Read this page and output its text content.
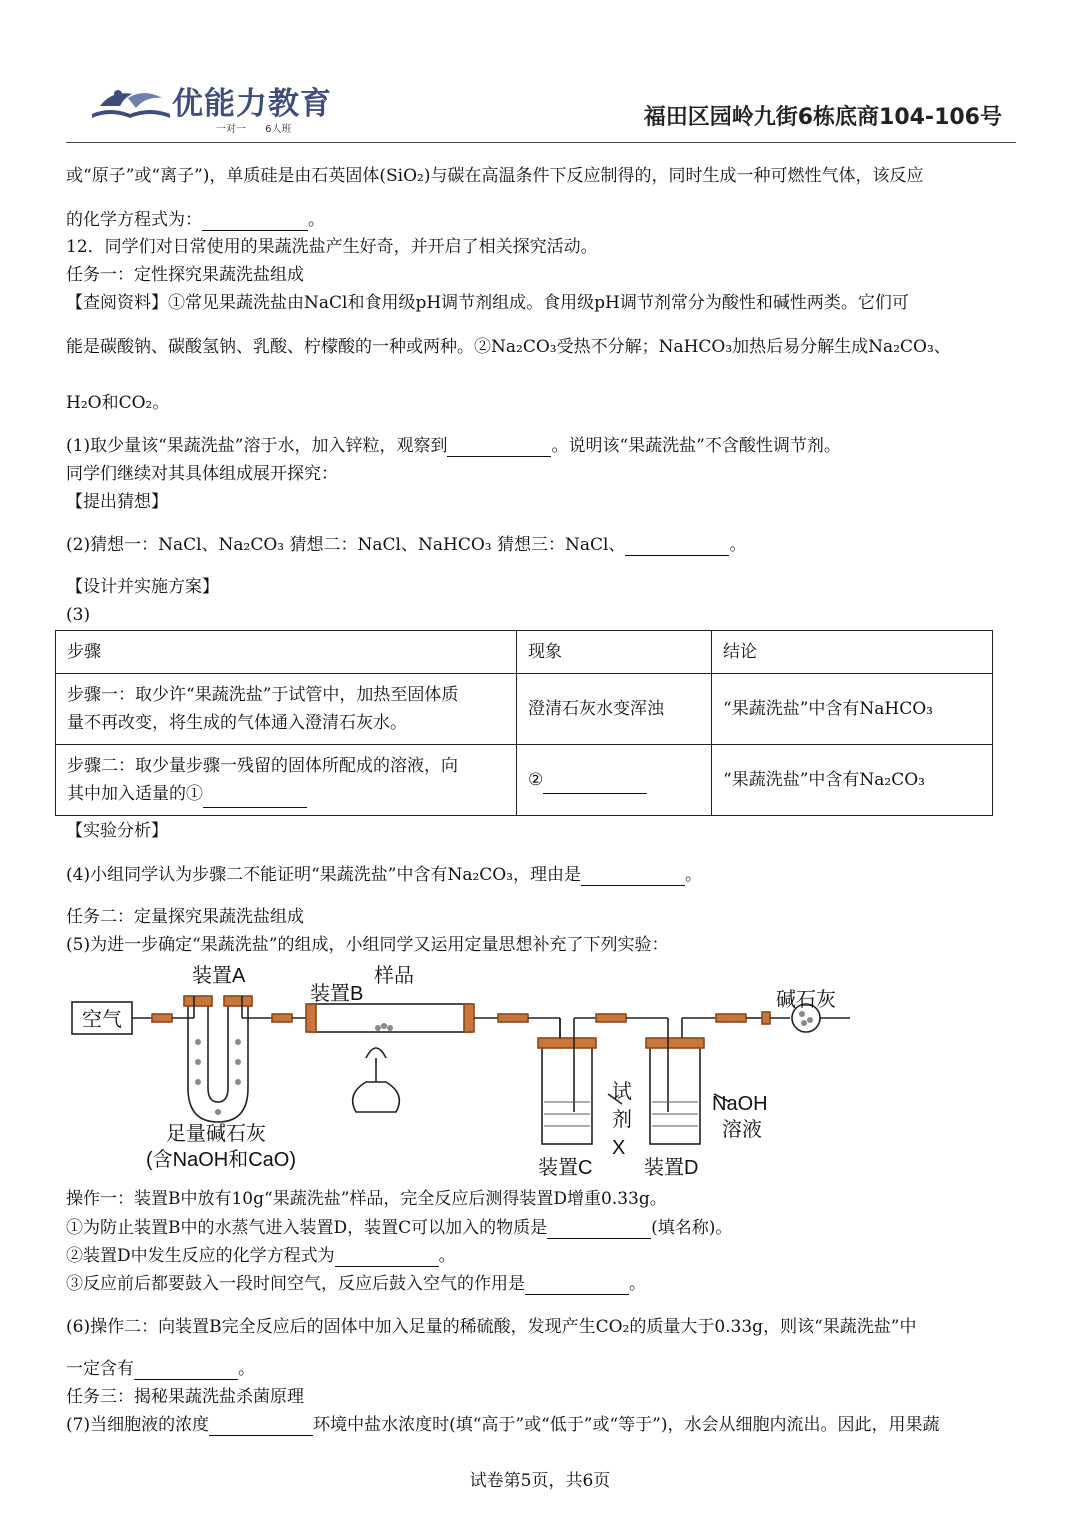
优能力教育
一对一 6人班	福田区园岭九街6栋底商104-106号
或“原子”或“离子”)，单质硅是由石英固体(SiO₂)与碳在高温条件下反应制得的，同时生成一种可燃性气体，该反应
的化学方程式为：	。
12．同学们对日常使用的果蔬洗盐产生好奇，并开启了相关探究活动。
任务一：定性探究果蔬洗盐组成
【查阅资料】①常见果蔬洗盐由NaCl和食用级pH调节剂组成。食用级pH调节剂常分为酸性和碱性两类。它们可
能是碳酸钠、碳酸氢钠、乳酸、柠檬酸的一种或两种。②Na₂CO₃受热不分解；NaHCO₃加热后易分解生成Na₂CO₃、
H₂O和CO₂。
(1)取少量该“果蔬洗盐”溶于水，加入锌粒，观察到	。说明该“果蔬洗盐”不含酸性调节剂。
同学们继续对其具体组成展开探究：
【提出猜想】
(2)猜想一：NaCl、Na₂CO₃ 猜想二：NaCl、NaHCO₃ 猜想三：NaCl、	。
【设计并实施方案】
(3)
步骤	现象	结论

步骤一：取少许“果蔬洗盐”于试管中，加热至固体质
量不再改变，将生成的气体通入澄清石灰水。	澄清石灰水变浑浊	“果蔬洗盐”中含有NaHCO₃

步骤二：取少量步骤一残留的固体所配成的溶液，向
其中加入适量的①	②	“果蔬洗盐”中含有Na₂CO₃
【实验分析】
(4)小组同学认为步骤二不能证明“果蔬洗盐”中含有Na₂CO₃，理由是	。
任务二：定量探究果蔬洗盐组成
(5)为进一步确定“果蔬洗盐”的组成，小组同学又运用定量思想补充了下列实验：
空气
装置A
装置B
样品
碱石灰
试
剂
X
NaOH
溶液
足量碱石灰
(含NaOH和CaO)	装置C	装置D
操作一：装置B中放有10g“果蔬洗盐”样品，完全反应后测得装置D增重0.33g。
①为防止装置B中的水蒸气进入装置D，装置C可以加入的物质是	(填名称)。
②装置D中发生反应的化学方程式为	。
③反应前后都要鼓入一段时间空气，反应后鼓入空气的作用是	。
(6)操作二：向装置B完全反应后的固体中加入足量的稀硫酸，发现产生CO₂的质量大于0.33g，则该“果蔬洗盐”中
一定含有	。
任务三：揭秘果蔬洗盐杀菌原理
(7)当细胞液的浓度	环境中盐水浓度时(填“高于”或“低于”或“等于”)，水会从细胞内流出。因此，用果蔬
试卷第5页，共6页
